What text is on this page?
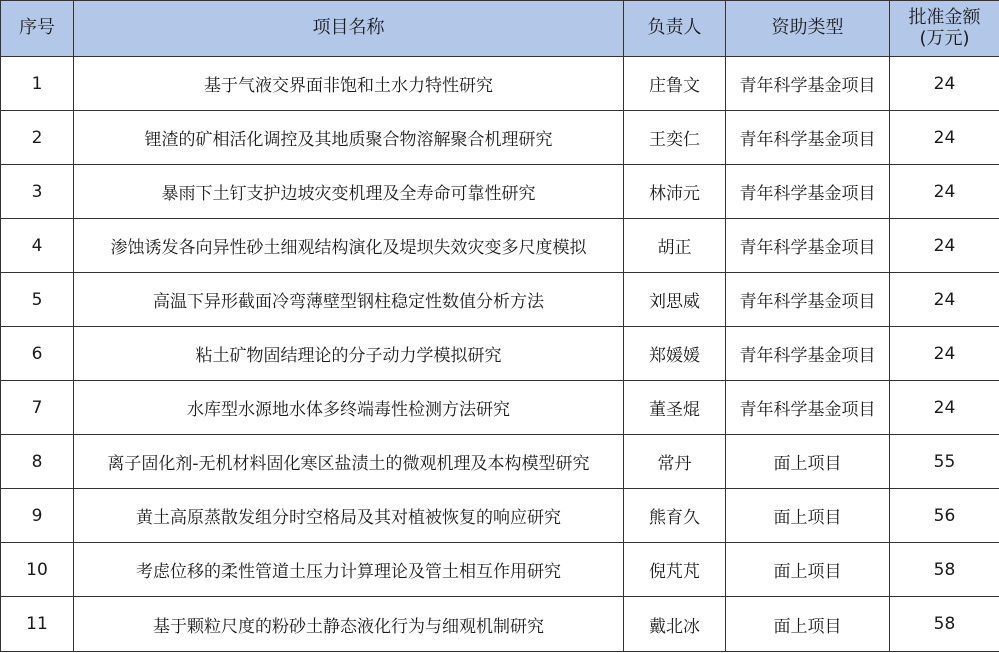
序号	项目名称	负责人	资助类型	批准金额
(万元)

1	基于气液交界面非饱和土水力特性研究	庄鲁文	青年科学基金项目	24
2	锂渣的矿相活化调控及其地质聚合物溶解聚合机理研究	王奕仁	青年科学基金项目	24
3	暴雨下土钉支护边坡灾变机理及全寿命可靠性研究	林沛元	青年科学基金项目	24
4	渗蚀诱发各向异性砂土细观结构演化及堤坝失效灾变多尺度模拟	胡正	青年科学基金项目	24
5	高温下异形截面冷弯薄壁型钢柱稳定性数值分析方法	刘思威	青年科学基金项目	24
6	粘土矿物固结理论的分子动力学模拟研究	郑媛媛	青年科学基金项目	24
7	水库型水源地水体多终端毒性检测方法研究	董圣焜	青年科学基金项目	24
8	离子固化剂-无机材料固化寒区盐渍土的微观机理及本构模型研究	常丹	面上项目	55
9	黄土高原蒸散发组分时空格局及其对植被恢复的响应研究	熊育久	面上项目	56
10	考虑位移的柔性管道土压力计算理论及管土相互作用研究	倪芃芃	面上项目	58
11	基于颗粒尺度的粉砂土静态液化行为与细观机制研究	戴北冰	面上项目	58
